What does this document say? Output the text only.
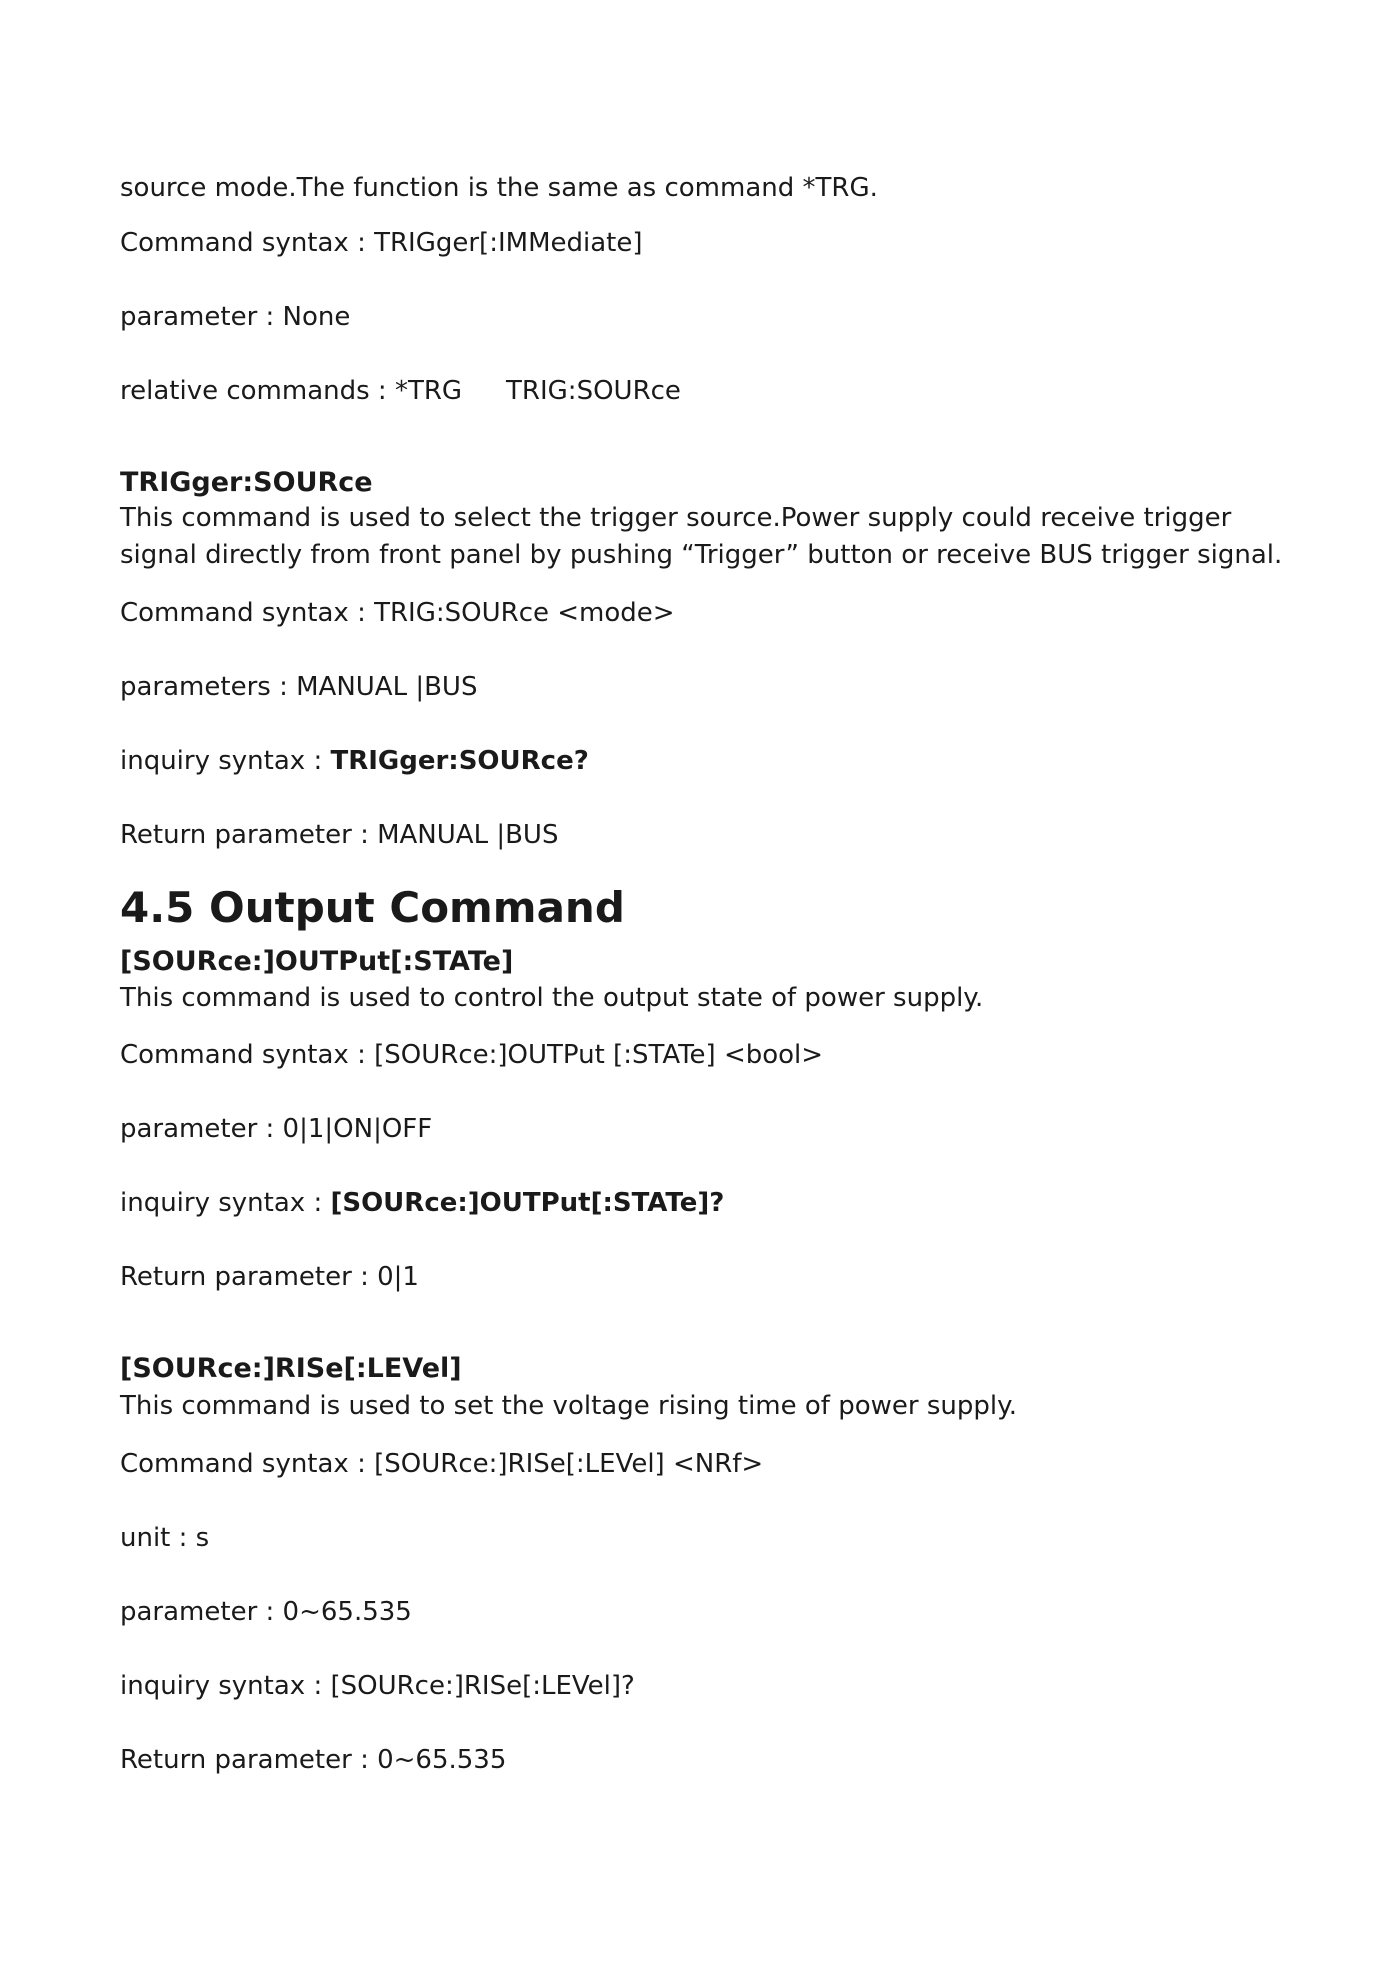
source mode.The function is the same as command *TRG.
Command syntax : TRIGger[:IMMediate]
parameter : None
relative commands : *TRG TRIG:SOURce
TRIGger:SOURce
This command is used to select the trigger source.Power supply could receive trigger signal directly from front panel by pushing “Trigger” button or receive BUS trigger signal.
Command syntax : TRIG:SOURce <mode>
parameters : MANUAL |BUS
inquiry syntax : TRIGger:SOURce?
Return parameter : MANUAL |BUS
4.5 Output Command
[SOURce:]OUTPut[:STATe]
This command is used to control the output state of power supply.
Command syntax : [SOURce:]OUTPut [:STATe] <bool>
parameter : 0|1|ON|OFF
inquiry syntax : [SOURce:]OUTPut[:STATe]?
Return parameter : 0|1
[SOURce:]RISe[:LEVel]
This command is used to set the voltage rising time of power supply.
Command syntax : [SOURce:]RISe[:LEVel] <NRf>
unit : s
parameter : 0~65.535
inquiry syntax : [SOURce:]RISe[:LEVel]?
Return parameter : 0~65.535
